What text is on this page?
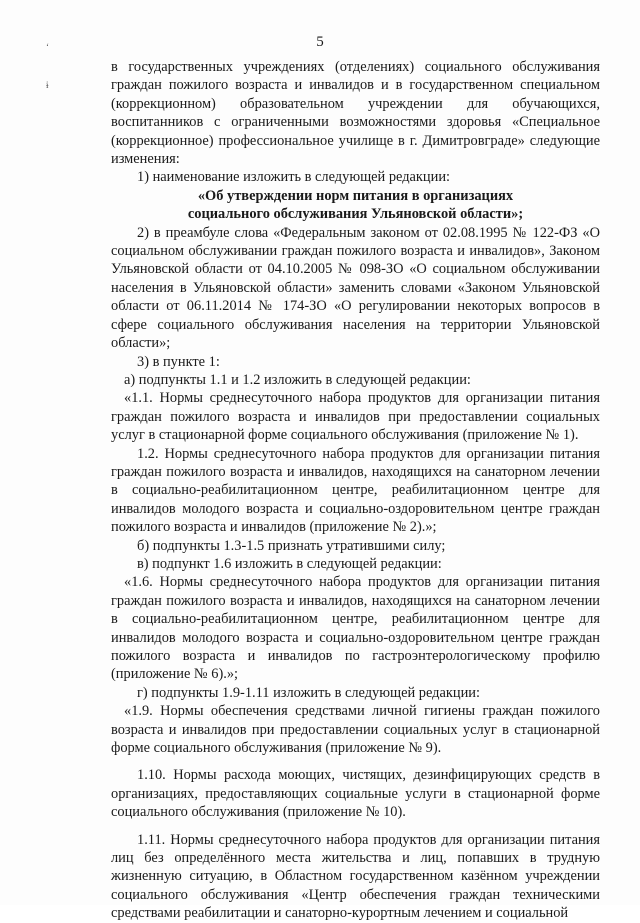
5
ʻ
ɨ

в государственных учреждениях (отделениях) социального обслуживания граждан пожилого возраста и инвалидов и в государственном специальном (коррекционном) образовательном учреждении для обучающихся, воспитанников с ограниченными возможностями здоровья «Специальное (коррекционное) профессиональное училище в г. Димитровграде» следующие изменения:

1) наименование изложить в следующей редакции:

«Об утверждении норм питания в организациях

социального обслуживания Ульяновской области»;

2) в преамбуле слова «Федеральным законом от 02.08.1995 № 122-ФЗ «О социальном обслуживании граждан пожилого возраста и инвалидов», Законом Ульяновской области от 04.10.2005 № 098-ЗО «О социальном обслуживании населения в Ульяновской области» заменить словами «Законом Ульяновской области от 06.11.2014 № 174-ЗО «О регулировании некоторых вопросов в сфере социального обслуживания населения на территории Ульяновской области»;

3) в пункте 1:

а) подпункты 1.1 и 1.2 изложить в следующей редакции:

«1.1. Нормы среднесуточного набора продуктов для организации питания граждан пожилого возраста и инвалидов при предоставлении социальных услуг в стационарной форме социального обслуживания (приложение № 1).

1.2. Нормы среднесуточного набора продуктов для организации питания граждан пожилого возраста и инвалидов, находящихся на санаторном лечении в социально-реабилитационном центре, реабилитационном центре для инвалидов молодого возраста и социально-оздоровительном центре граждан пожилого возраста и инвалидов (приложение № 2).»;

б) подпункты 1.3-1.5 признать утратившими силу;

в) подпункт 1.6 изложить в следующей редакции:

«1.6. Нормы среднесуточного набора продуктов для организации питания граждан пожилого возраста и инвалидов, находящихся на санаторном лечении в социально-реабилитационном центре, реабилитационном центре для инвалидов молодого возраста и социально-оздоровительном центре граждан пожилого возраста и инвалидов по гастроэнтерологическому профилю (приложение № 6).»;

г) подпункты 1.9-1.11 изложить в следующей редакции:

«1.9. Нормы обеспечения средствами личной гигиены граждан пожилого возраста и инвалидов при предоставлении социальных услуг в стационарной форме социального обслуживания (приложение № 9).

1.10. Нормы расхода моющих, чистящих, дезинфицирующих средств в организациях, предоставляющих социальные услуги в стационарной форме социального обслуживания (приложение № 10).

1.11. Нормы среднесуточного набора продуктов для организации питания лиц без определённого места жительства и лиц, попавших в трудную жизненную ситуацию, в Областном государственном казённом учреждении социального обслуживания «Центр обеспечения граждан техническими средствами реабилитации и санаторно-курортным лечением и социальной
